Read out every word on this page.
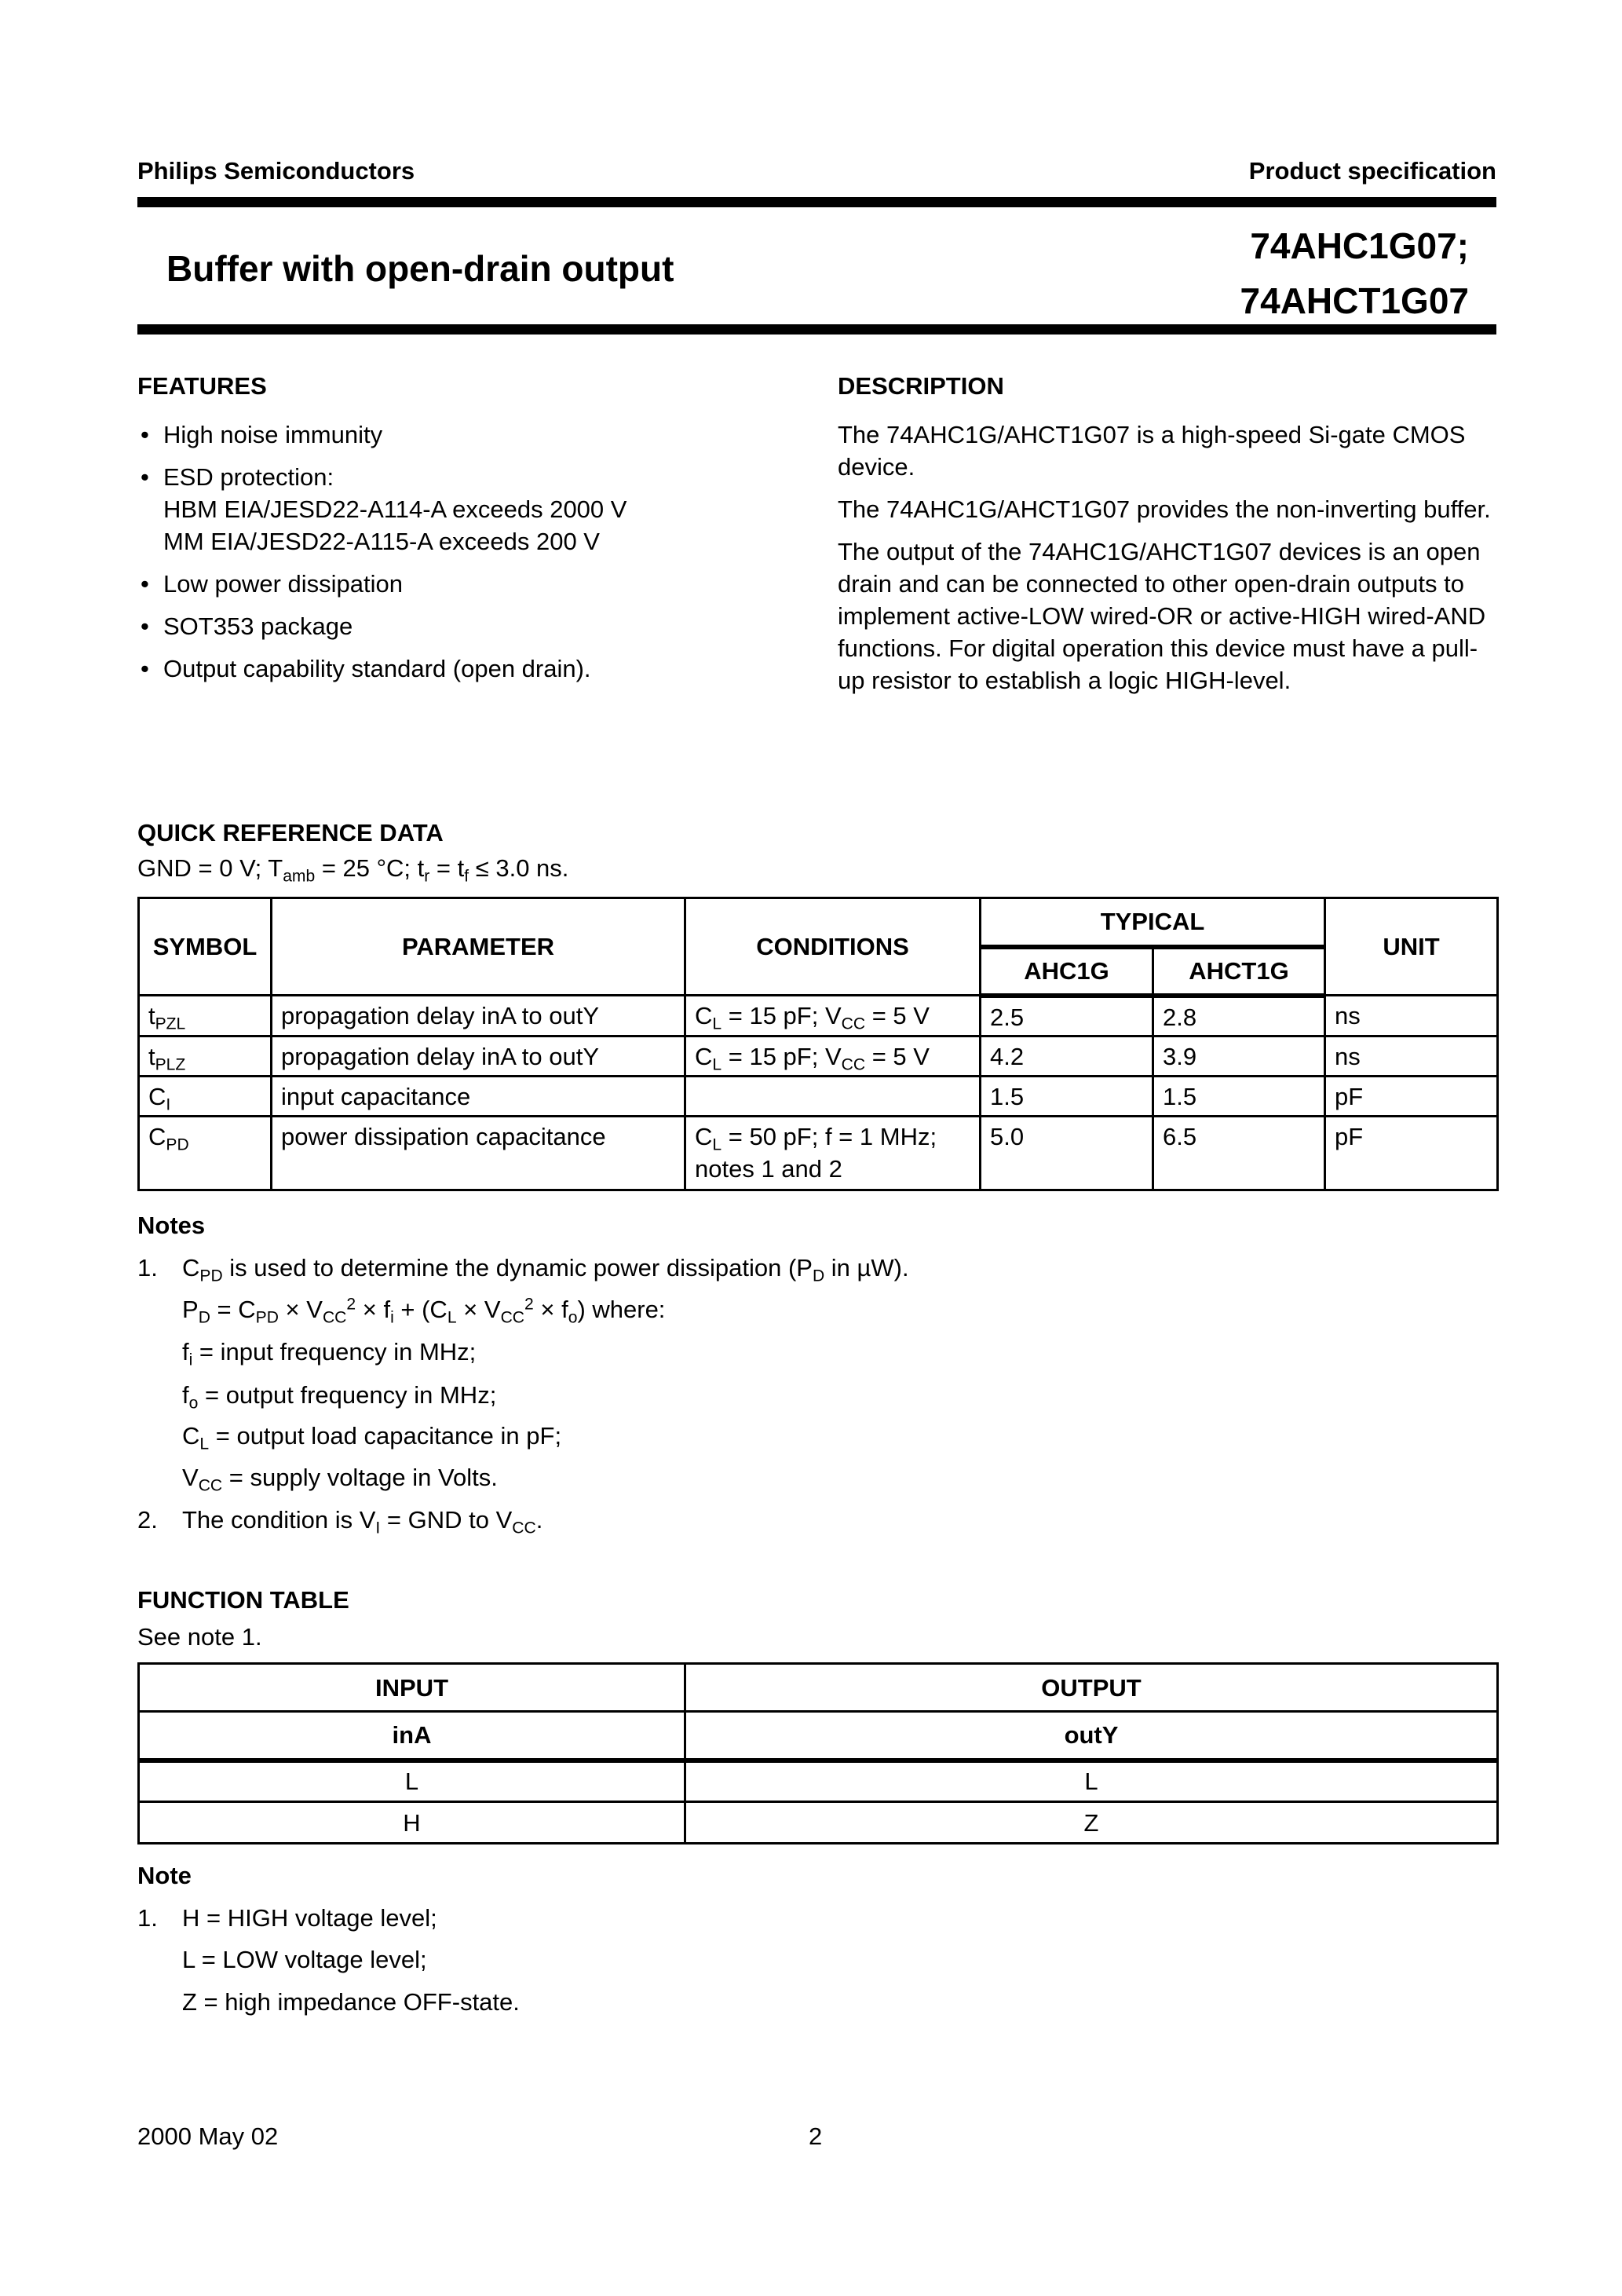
Philips Semiconductors	Product specification
Buffer with open-drain output
74AHC1G07;
74AHCT1G07
FEATURES
• High noise immunity
• ESD protection:
HBM EIA/JESD22-A114-A exceeds 2000 V
MM EIA/JESD22-A115-A exceeds 200 V
• Low power dissipation
• SOT353 package
• Output capability standard (open drain).
DESCRIPTION

The 74AHC1G/AHCT1G07 is a high-speed Si-gate CMOS device.

The 74AHC1G/AHCT1G07 provides the non-inverting buffer.

The output of the 74AHC1G/AHCT1G07 devices is an open drain and can be connected to other open-drain outputs to implement active-LOW wired-OR or active-HIGH wired-AND functions. For digital operation this device must have a pull-up resistor to establish a logic HIGH-level.

QUICK REFERENCE DATA
GND = 0 V; $T_{amb} = 25$ °C; $t_r = t_f \le 3.0$ ns.
SYMBOL	PARAMETER	CONDITIONS	TYPICAL		UNIT
			AHC1G	AHCT1G	
$t_{PZL}$	propagation delay inA to outY	$C_L = 15$ pF; $V_{CC} = 5$ V	2.5	2.8	ns
$t_{PLZ}$	propagation delay inA to outY	$C_L = 15$ pF; $V_{CC} = 5$ V	4.2	3.9	ns
$C_I$	input capacitance		1.5	1.5	pF
$C_{PD}$	power dissipation capacitance	$C_L = 50$ pF; f = 1 MHz; notes 1 and 2	5.0	6.5	pF
Notes
1. $C_{PD}$ is used to determine the dynamic power dissipation ($P_D$ in µW).
$P_D = C_{PD} \times V_{CC}^2 \times f_i + (C_L \times V_{CC}^2 \times f_o)$ where:
$f_i$ = input frequency in MHz;
$f_o$ = output frequency in MHz;
$C_L$ = output load capacitance in pF;
$V_{CC}$ = supply voltage in Volts.
2. The condition is $V_I$ = GND to $V_{CC}$.
FUNCTION TABLE
See note 1.
INPUT	OUTPUT
inA	outY
L	L
H	Z
Note
1. H = HIGH voltage level;
L = LOW voltage level;
Z = high impedance OFF-state.
2000 May 02	2
